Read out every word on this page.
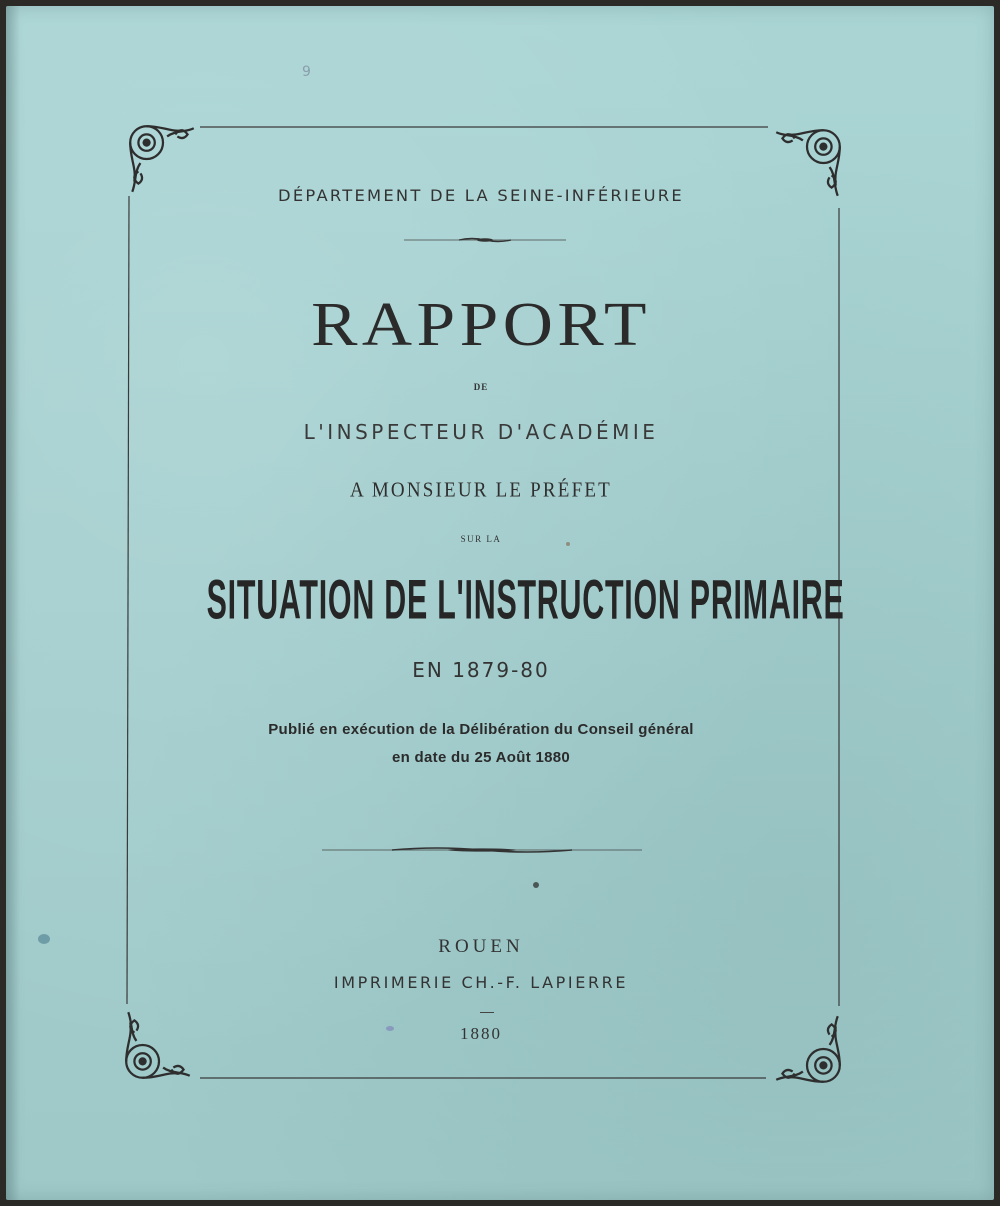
9

DÉPARTEMENT DE LA SEINE-INFÉRIEURE

RAPPORT

DE

L'INSPECTEUR D'ACADÉMIE

A MONSIEUR LE PRÉFET

SUR LA

SITUATION DE L'INSTRUCTION PRIMAIRE

EN 1879-80

Publié en exécution de la Délibération du Conseil général

en date du 25 Août 1880

ROUEN

IMPRIMERIE CH.-F. LAPIERRE

1880
